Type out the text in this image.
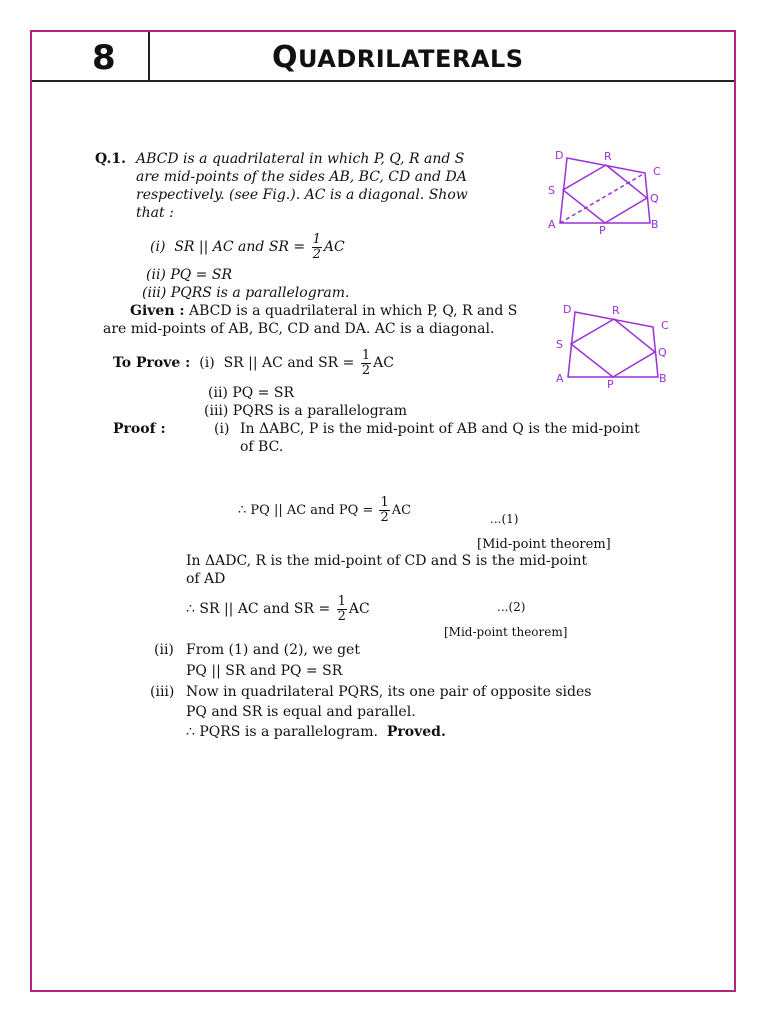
8	QUADRILATERALS
Q.1. ABCD is a quadrilateral in which P, Q, R and S
are mid-points of the sides AB, BC, CD and DA
respectively. (see Fig.). AC is a diagonal. Show
that :
(i) SR || AC and SR = $\frac{1}{2}$ AC
(ii) PQ = SR
(iii) PQRS is a parallelogram.
Given : ABCD is a quadrilateral in which P, Q, R and S
are mid-points of AB, BC, CD and DA. AC is a diagonal.
To Prove : (i) SR || AC and SR = $\frac{1}{2}$ AC
(ii) PQ = SR
(iii) PQRS is a parallelogram
Proof :	(i) In ΔABC, P is the mid-point of AB and Q is the mid-point
of BC.
∴ PQ || AC and PQ = $\frac{1}{2}$ AC
...(1)
[Mid-point theorem]
In ΔADC, R is the mid-point of CD and S is the mid-point
of AD
∴ SR || AC and SR = $\frac{1}{2}$ AC	...(2)
[Mid-point theorem]
(ii) From (1) and (2), we get
PQ || SR and PQ = SR
(iii) Now in quadrilateral PQRS, its one pair of opposite sides
PQ and SR is equal and parallel.
∴ PQRS is a parallelogram. Proved.
D	R
C
S
Q
A	P	B
D	R
C
S
Q
A	P	B
